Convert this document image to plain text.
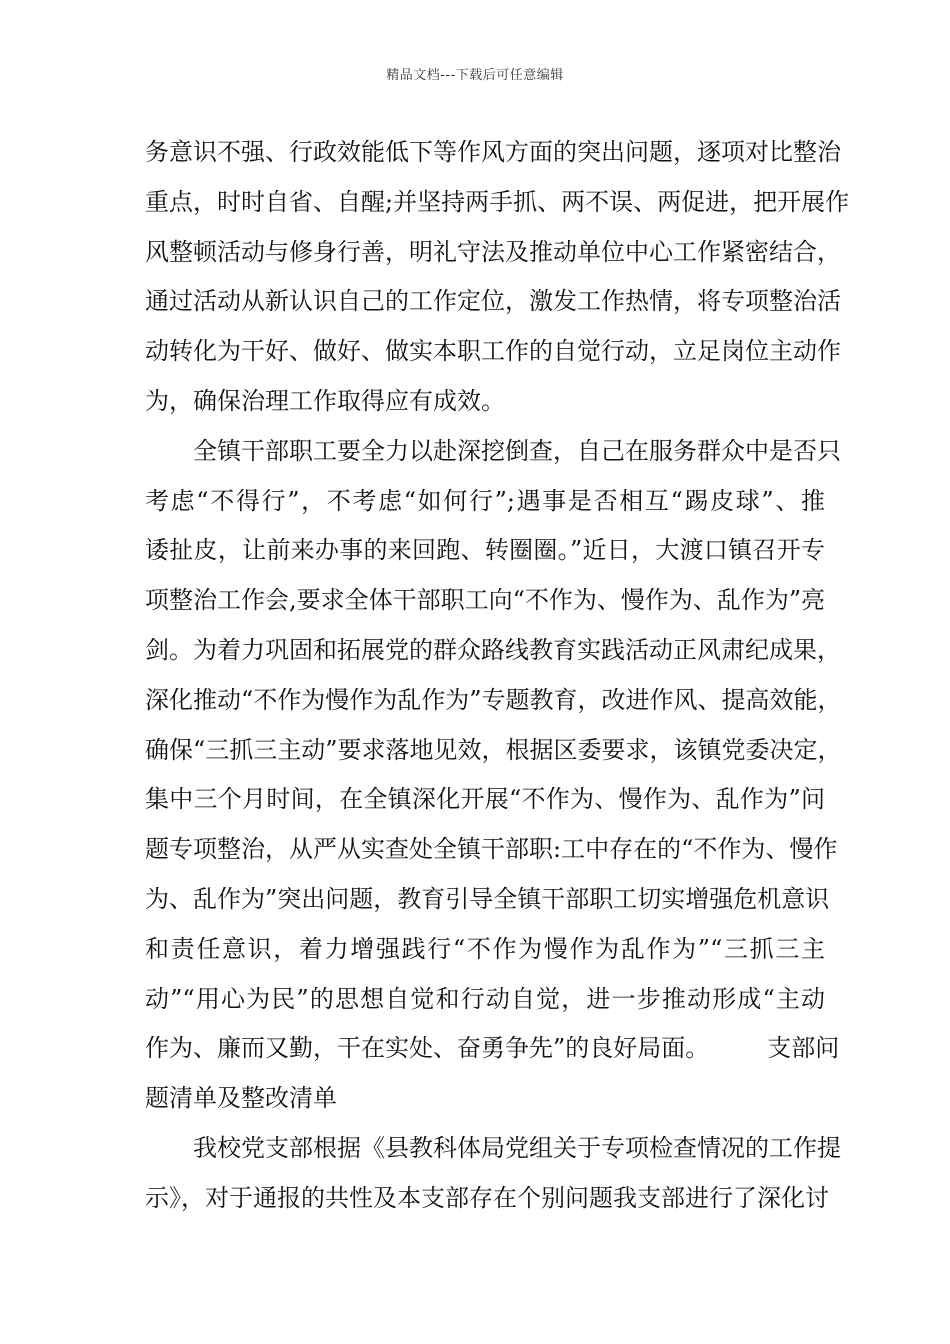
精品文档---下载后可任意编辑
务意识不强、行政效能低下等作风方面的突出问题，逐项对比整治
重点，时时自省、自醒;并坚持两手抓、两不误、两促进，把开展作
风整顿活动与修身行善，明礼守法及推动单位中心工作紧密结合，
通过活动从新认识自己的工作定位，激发工作热情，将专项整治活
动转化为干好、做好、做实本职工作的自觉行动，立足岗位主动作
为，确保治理工作取得应有成效。
全镇干部职工要全力以赴深挖倒查，自己在服务群众中是否只
考虑“不得行”，不考虑“如何行”;遇事是否相互“踢皮球”、推
诿扯皮，让前来办事的来回跑、转圈圈。”近日，大渡口镇召开专
项整治工作会,要求全体干部职工向“不作为、慢作为、乱作为”亮
剑。为着力巩固和拓展党的群众路线教育实践活动正风肃纪成果，
深化推动“不作为慢作为乱作为”专题教育，改进作风、提高效能，
确保“三抓三主动”要求落地见效，根据区委要求，该镇党委决定，
集中三个月时间，在全镇深化开展“不作为、慢作为、乱作为”问
题专项整治，从严从实查处全镇干部职:工中存在的“不作为、慢作
为、乱作为”突出问题，教育引导全镇干部职工切实增强危机意识
和责任意识，着力增强践行“不作为慢作为乱作为”“三抓三主
动”“用心为民”的思想自觉和行动自觉，进一步推动形成“主动
作为、廉而又勤，干在实处、奋勇争先”的良好局面。 支部问
题清单及整改清单
我校党支部根据《县教科体局党组关于专项检查情况的工作提
示》，对于通报的共性及本支部存在个别问题我支部进行了深化讨
